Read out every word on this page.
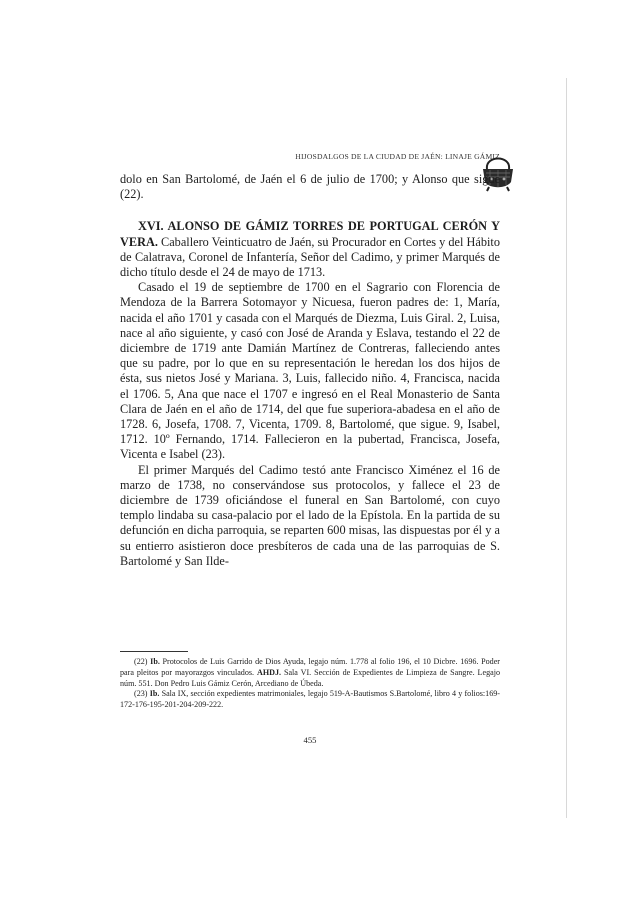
HIJOSDALGOS DE LA CIUDAD DE JAÉN: LINAJE GÁMIZ

dolo en San Bartolomé, de Jaén el 6 de julio de 1700; y Alonso que sigue (22).

XVI. ALONSO DE GÁMIZ TORRES DE PORTUGAL CERÓN Y VERA. Caballero Veinticuatro de Jaén, su Procurador en Cortes y del Hábito de Calatrava, Coronel de Infantería, Señor del Cadimo, y primer Marqués de dicho título desde el 24 de mayo de 1713.

Casado el 19 de septiembre de 1700 en el Sagrario con Florencia de Mendoza de la Barrera Sotomayor y Nicuesa, fueron padres de: 1, María, nacida el año 1701 y casada con el Marqués de Diezma, Luis Giral. 2, Luisa, nace al año siguiente, y casó con José de Aranda y Eslava, testando el 22 de diciembre de 1719 ante Damián Martínez de Contreras, falleciendo antes que su padre, por lo que en su representación le heredan los dos hijos de ésta, sus nietos José y Mariana. 3, Luis, fallecido niño. 4, Francisca, nacida el 1706. 5, Ana que nace el 1707 e ingresó en el Real Monasterio de Santa Clara de Jaén en el año de 1714, del que fue superiora-abadesa en el año de 1728. 6, Josefa, 1708. 7, Vicenta, 1709. 8, Bartolomé, que sigue. 9, Isabel, 1712. 10º Fernando, 1714. Fallecieron en la pubertad, Francisca, Josefa, Vicenta e Isabel (23).

El primer Marqués del Cadimo testó ante Francisco Ximénez el 16 de marzo de 1738, no conservándose sus protocolos, y fallece el 23 de diciembre de 1739 oficiándose el funeral en San Bartolomé, con cuyo templo lindaba su casa-palacio por el lado de la Epístola. En la partida de su defunción en dicha parroquia, se reparten 600 misas, las dispuestas por él y a su entierro asistieron doce presbíteros de cada una de las parroquias de S. Bartolomé y San Ilde-

(22) Ib. Protocolos de Luis Garrido de Dios Ayuda, legajo núm. 1.778 al folio 196, el 10 Dicbre. 1696. Poder para pleitos por mayorazgos vinculados. AHDJ. Sala VI. Sección de Expedientes de Limpieza de Sangre. Legajo núm. 551. Don Pedro Luis Gámiz Cerón, Arcediano de Úbeda.

(23) Ib. Sala IX, sección expedientes matrimoniales, legajo 519-A-Bautismos S.Bartolomé, libro 4 y folios:169-172-176-195-201-204-209-222.

455
